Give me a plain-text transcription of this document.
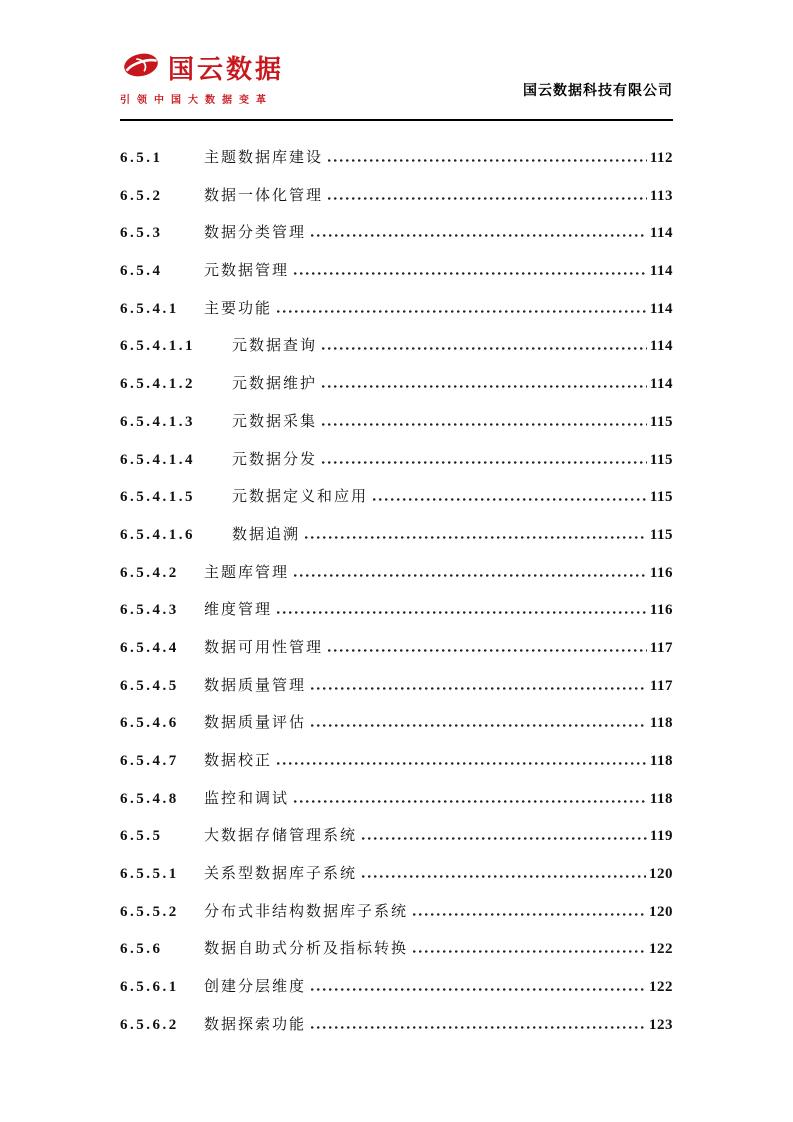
国云数据
引领中国大数据变革
国云数据科技有限公司
6.5.1	主题数据库建设	112
6.5.2	数据一体化管理	113
6.5.3	数据分类管理	114
6.5.4	元数据管理	114
6.5.4.1	主要功能	114
6.5.4.1.1	元数据查询	114
6.5.4.1.2	元数据维护	114
6.5.4.1.3	元数据采集	115
6.5.4.1.4	元数据分发	115
6.5.4.1.5	元数据定义和应用	115
6.5.4.1.6	数据追溯	115
6.5.4.2	主题库管理	116
6.5.4.3	维度管理	116
6.5.4.4	数据可用性管理	117
6.5.4.5	数据质量管理	117
6.5.4.6	数据质量评估	118
6.5.4.7	数据校正	118
6.5.4.8	监控和调试	118
6.5.5	大数据存储管理系统	119
6.5.5.1	关系型数据库子系统	120
6.5.5.2	分布式非结构数据库子系统	120
6.5.6	数据自助式分析及指标转换	122
6.5.6.1	创建分层维度	122
6.5.6.2	数据探索功能	123
